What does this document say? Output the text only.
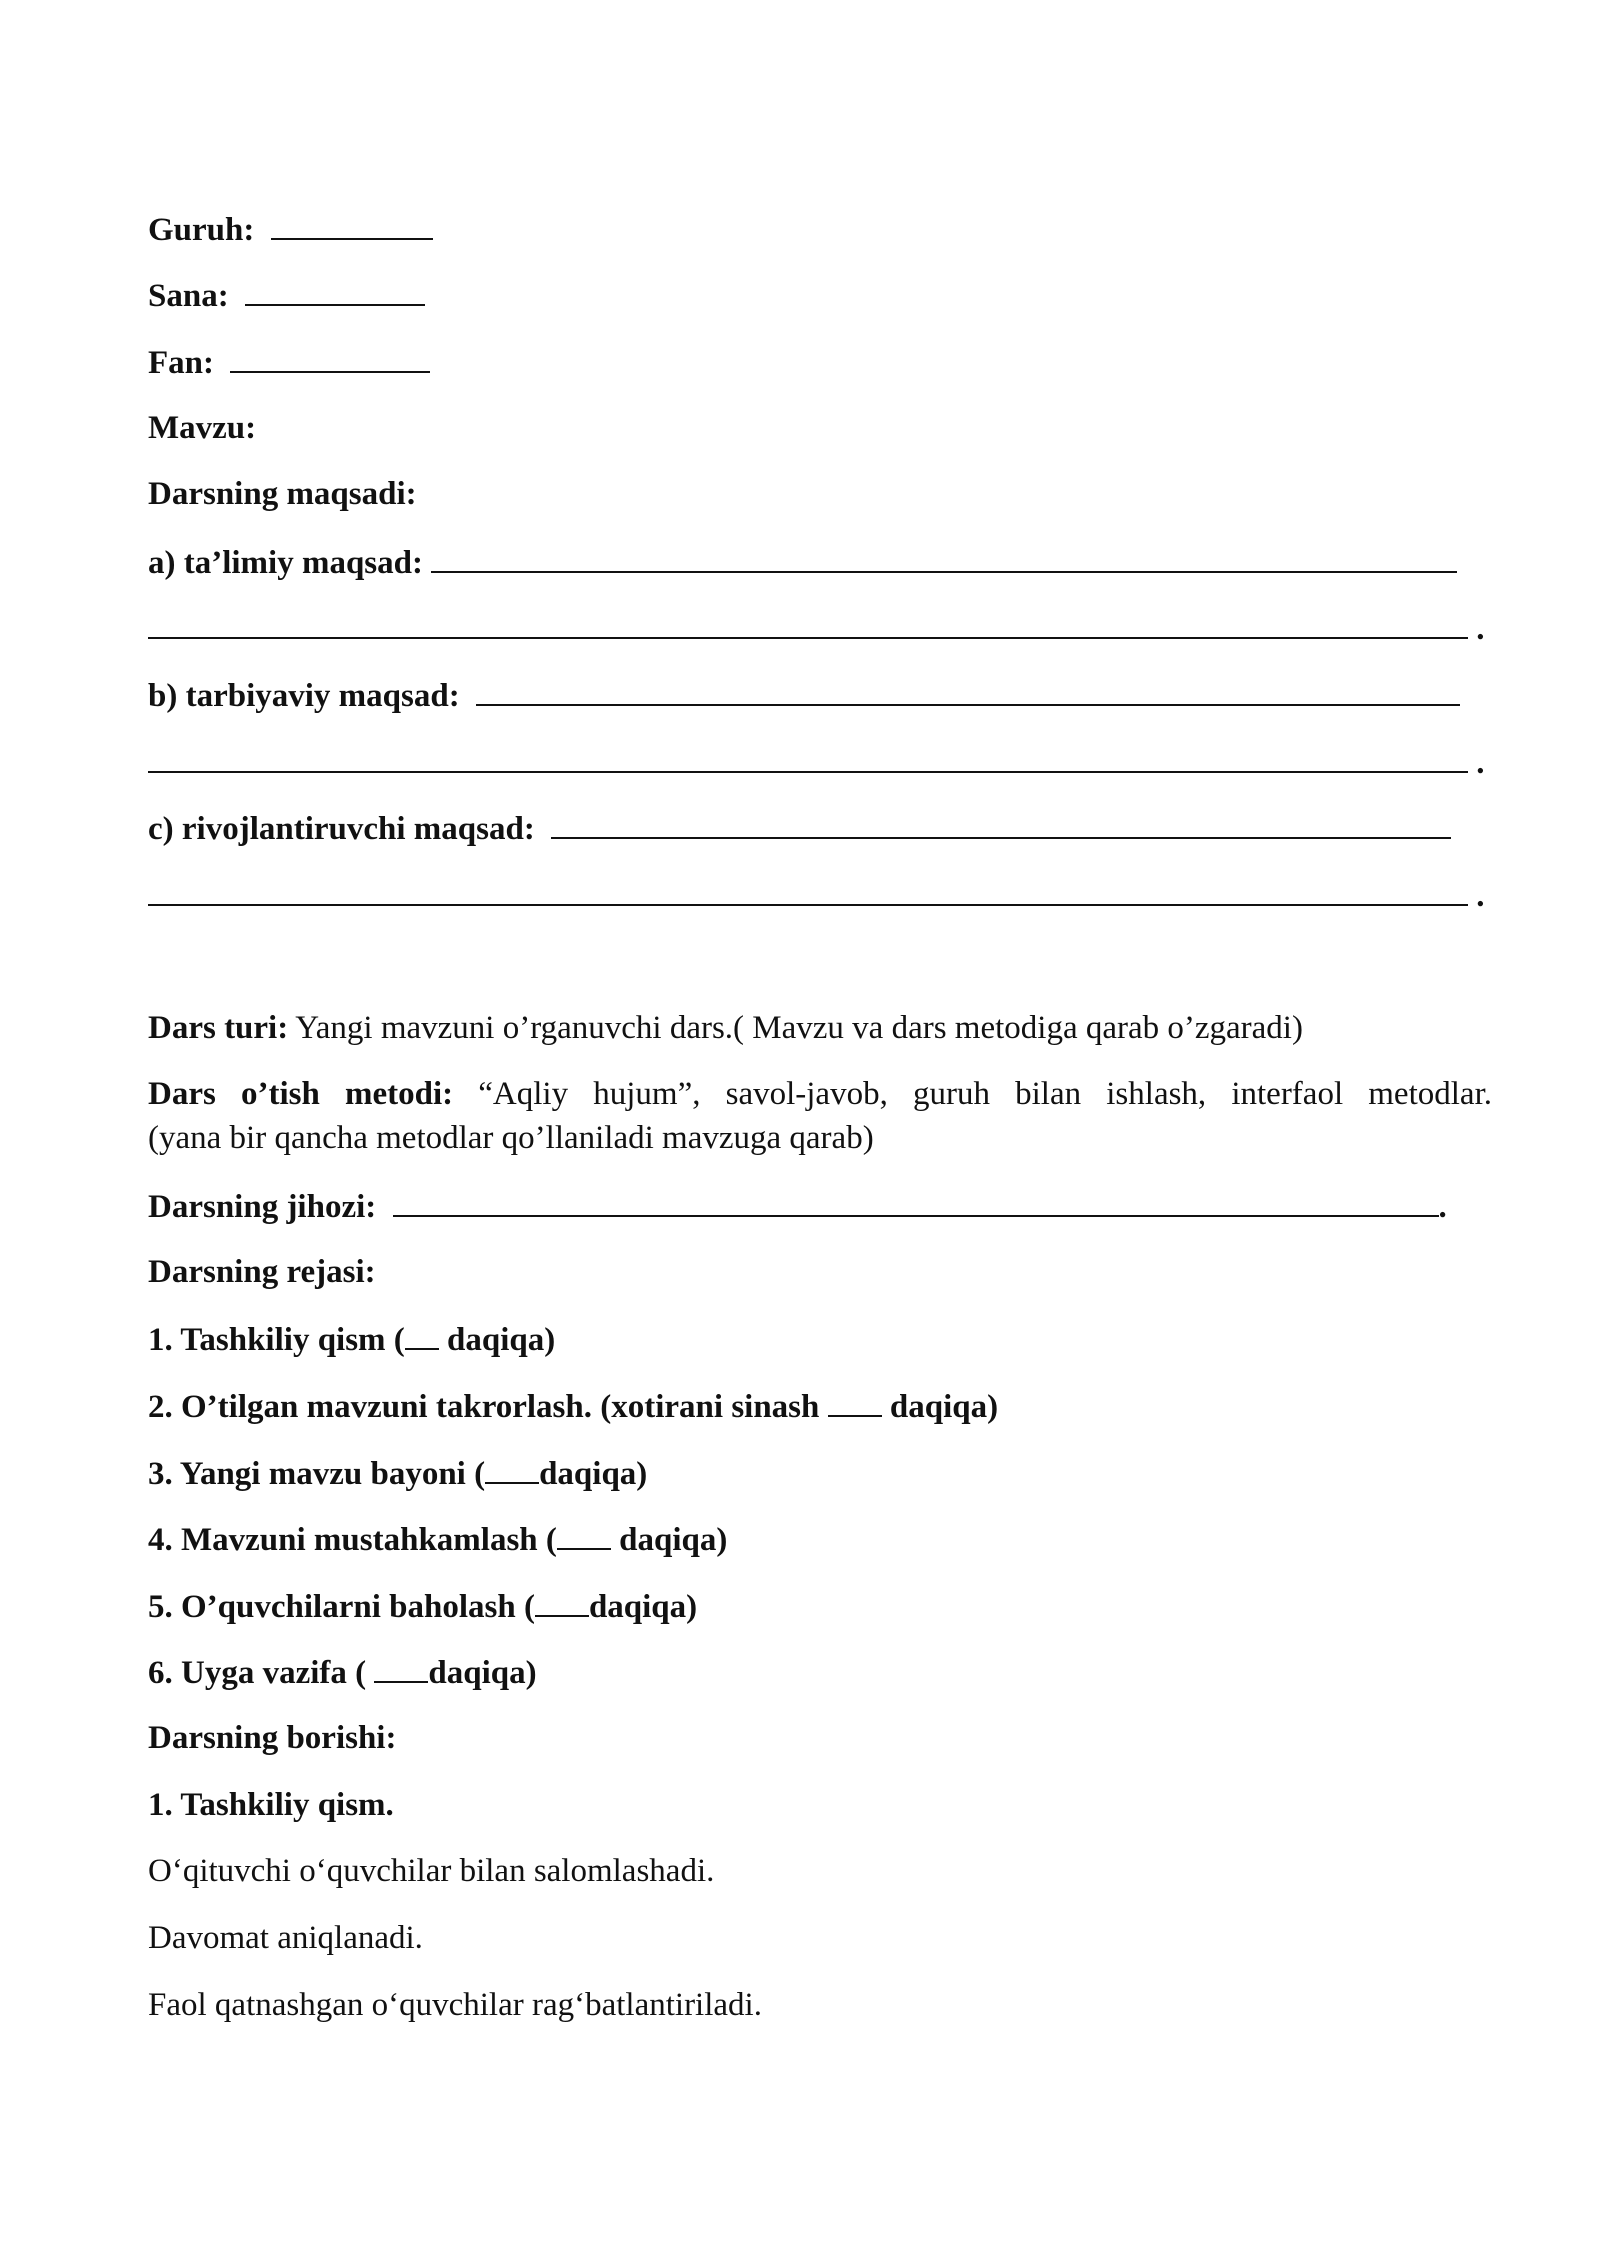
Guruh:
Sana:
Fan:
Mavzu:
Darsning maqsadi:
a) ta’limiy maqsad:
.
b) tarbiyaviy maqsad:
.
c) rivojlantiruvchi maqsad:
.
Dars turi: Yangi mavzuni o’rganuvchi dars.( Mavzu va dars metodiga qarab o’zgaradi)
Dars o’tish metodi: “Aqliy hujum”, savol-javob, guruh bilan ishlash, interfaol metodlar.
(yana bir qancha metodlar qo’llaniladi mavzuga qarab)
Darsning jihozi:	.
Darsning rejasi:
1. Tashkiliy qism ( daqiqa)
2. O’tilgan mavzuni takrorlash. (xotirani sinash  daqiqa)
3. Yangi mavzu bayoni ( daqiqa)
4. Mavzuni mustahkamlash ( daqiqa)
5. O’quvchilarni baholash ( daqiqa)
6. Uyga vazifa ( daqiqa)
Darsning borishi:
1. Tashkiliy qism.
O‘qituvchi o‘quvchilar bilan salomlashadi.
Davomat aniqlanadi.
Faol qatnashgan o‘quvchilar rag‘batlantiriladi.
